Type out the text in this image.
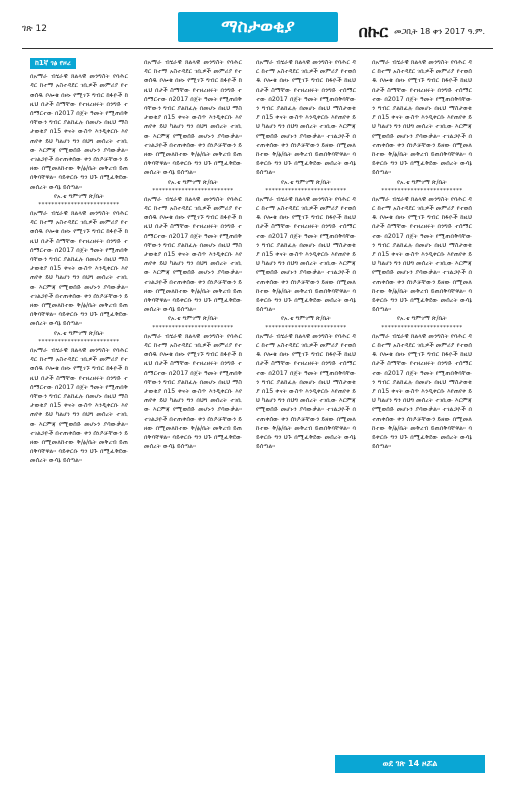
ገጽ 12	ማስታወቂያ	በኩር መጋቢት 18 ቀን 2017 ዓ.ም.
ከ1ኛ ገፅ የዞረ

በአማራ ብሄራዊ ክልላዊ መንግስት የባሕር ዳር ከተማ አስተዳደር ገቢዎች መምሪያ የተወሰዱ ቦሎቄ በዞኑ የሚገኙ ግብር ከፋዮች ከዚህ በታች ስማቸው የተዘረዘሩት በንግድ ተሰማርተው በ2017 በጀት ዓመት የሚጠበቅባቸውን ግብር ያልከፈሉ በመሆኑ በዚህ ማስታወቂያ በ15 ቀናት ውስጥ እንዲቀርቡ እየጠየቀ ይህ ካልሆነ ግን በህግ መሰረት ተገቢው እርምጃ የሚወሰድ መሆኑን ያሳውቃል። ተገልጋዮች በተጠቀሰው ቀን ሰነዶቻቸውን ይዘው በሚመለከተው ቅ/ፅ/ቤት መቅረብ ይጠበቅባቸዋል። ባይቀርቡ ግን ህጉ በሚፈቅደው መሰረት ውሳኔ ይሰጣል።

የአ.ቴ ግምገማ ጽ/ቤት
*************************

በአማራ ብሄራዊ ክልላዊ መንግስት የባሕር ዳር ከተማ አስተዳደር ገቢዎች መምሪያ የተወሰዱ ቦሎቄ በዞኑ የሚገኙ ግብር ከፋዮች ከዚህ በታች ስማቸው የተዘረዘሩት በንግድ ተሰማርተው በ2017 በጀት ዓመት የሚጠበቅባቸውን ግብር ያልከፈሉ በመሆኑ በዚህ ማስታወቂያ በ15 ቀናት ውስጥ እንዲቀርቡ እየጠየቀ ይህ ካልሆነ ግን በህግ መሰረት ተገቢው እርምጃ የሚወሰድ መሆኑን ያሳውቃል። ተገልጋዮች በተጠቀሰው ቀን ሰነዶቻቸውን ይዘው በሚመለከተው ቅ/ፅ/ቤት መቅረብ ይጠበቅባቸዋል። ባይቀርቡ ግን ህጉ በሚፈቅደው መሰረት ውሳኔ ይሰጣል።

የአ.ቴ ግምገማ ጽ/ቤት
*************************

በአማራ ብሄራዊ ክልላዊ መንግስት የባሕር ዳር ከተማ አስተዳደር ገቢዎች መምሪያ የተወሰዱ ቦሎቄ በዞኑ የሚገኙ ግብር ከፋዮች ከዚህ በታች ስማቸው የተዘረዘሩት በንግድ ተሰማርተው በ2017 በጀት ዓመት የሚጠበቅባቸውን ግብር ያልከፈሉ በመሆኑ በዚህ ማስታወቂያ በ15 ቀናት ውስጥ እንዲቀርቡ እየጠየቀ ይህ ካልሆነ ግን በህግ መሰረት ተገቢው እርምጃ የሚወሰድ መሆኑን ያሳውቃል። ተገልጋዮች በተጠቀሰው ቀን ሰነዶቻቸውን ይዘው በሚመለከተው ቅ/ፅ/ቤት መቅረብ ይጠበቅባቸዋል። ባይቀርቡ ግን ህጉ በሚፈቅደው መሰረት ውሳኔ ይሰጣል።

በአማራ ብሄራዊ ክልላዊ መንግስት የባሕር ዳር ከተማ አስተዳደር ገቢዎች መምሪያ የተወሰዱ ቦሎቄ በዞኑ የሚገኙ ግብር ከፋዮች ከዚህ በታች ስማቸው የተዘረዘሩት በንግድ ተሰማርተው በ2017 በጀት ዓመት የሚጠበቅባቸውን ግብር ያልከፈሉ በመሆኑ በዚህ ማስታወቂያ በ15 ቀናት ውስጥ እንዲቀርቡ እየጠየቀ ይህ ካልሆነ ግን በህግ መሰረት ተገቢው እርምጃ የሚወሰድ መሆኑን ያሳውቃል። ተገልጋዮች በተጠቀሰው ቀን ሰነዶቻቸውን ይዘው በሚመለከተው ቅ/ፅ/ቤት መቅረብ ይጠበቅባቸዋል። ባይቀርቡ ግን ህጉ በሚፈቅደው መሰረት ውሳኔ ይሰጣል።

የአ.ቴ ግምገማ ጽ/ቤት
*************************

በአማራ ብሄራዊ ክልላዊ መንግስት የባሕር ዳር ከተማ አስተዳደር ገቢዎች መምሪያ የተወሰዱ ቦሎቄ በዞኑ የሚገኙ ግብር ከፋዮች ከዚህ በታች ስማቸው የተዘረዘሩት በንግድ ተሰማርተው በ2017 በጀት ዓመት የሚጠበቅባቸውን ግብር ያልከፈሉ በመሆኑ በዚህ ማስታወቂያ በ15 ቀናት ውስጥ እንዲቀርቡ እየጠየቀ ይህ ካልሆነ ግን በህግ መሰረት ተገቢው እርምጃ የሚወሰድ መሆኑን ያሳውቃል። ተገልጋዮች በተጠቀሰው ቀን ሰነዶቻቸውን ይዘው በሚመለከተው ቅ/ፅ/ቤት መቅረብ ይጠበቅባቸዋል። ባይቀርቡ ግን ህጉ በሚፈቅደው መሰረት ውሳኔ ይሰጣል።

የአ.ቴ ግምገማ ጽ/ቤት
*************************

በአማራ ብሄራዊ ክልላዊ መንግስት የባሕር ዳር ከተማ አስተዳደር ገቢዎች መምሪያ የተወሰዱ ቦሎቄ በዞኑ የሚገኙ ግብር ከፋዮች ከዚህ በታች ስማቸው የተዘረዘሩት በንግድ ተሰማርተው በ2017 በጀት ዓመት የሚጠበቅባቸውን ግብር ያልከፈሉ በመሆኑ በዚህ ማስታወቂያ በ15 ቀናት ውስጥ እንዲቀርቡ እየጠየቀ ይህ ካልሆነ ግን በህግ መሰረት ተገቢው እርምጃ የሚወሰድ መሆኑን ያሳውቃል። ተገልጋዮች በተጠቀሰው ቀን ሰነዶቻቸውን ይዘው በሚመለከተው ቅ/ፅ/ቤት መቅረብ ይጠበቅባቸዋል። ባይቀርቡ ግን ህጉ በሚፈቅደው መሰረት ውሳኔ ይሰጣል።

በአማራ ብሄራዊ ክልላዊ መንግስት የባሕር ዳር ከተማ አስተዳደር ገቢዎች መምሪያ የተወሰዱ ቦሎቄ በዞኑ የሚገኙ ግብር ከፋዮች ከዚህ በታች ስማቸው የተዘረዘሩት በንግድ ተሰማርተው በ2017 በጀት ዓመት የሚጠበቅባቸውን ግብር ያልከፈሉ በመሆኑ በዚህ ማስታወቂያ በ15 ቀናት ውስጥ እንዲቀርቡ እየጠየቀ ይህ ካልሆነ ግን በህግ መሰረት ተገቢው እርምጃ የሚወሰድ መሆኑን ያሳውቃል። ተገልጋዮች በተጠቀሰው ቀን ሰነዶቻቸውን ይዘው በሚመለከተው ቅ/ፅ/ቤት መቅረብ ይጠበቅባቸዋል። ባይቀርቡ ግን ህጉ በሚፈቅደው መሰረት ውሳኔ ይሰጣል።

የአ.ቴ ግምገማ ጽ/ቤት
*************************

በአማራ ብሄራዊ ክልላዊ መንግስት የባሕር ዳር ከተማ አስተዳደር ገቢዎች መምሪያ የተወሰዱ ቦሎቄ በዞኑ የሚገኙ ግብር ከፋዮች ከዚህ በታች ስማቸው የተዘረዘሩት በንግድ ተሰማርተው በ2017 በጀት ዓመት የሚጠበቅባቸውን ግብር ያልከፈሉ በመሆኑ በዚህ ማስታወቂያ በ15 ቀናት ውስጥ እንዲቀርቡ እየጠየቀ ይህ ካልሆነ ግን በህግ መሰረት ተገቢው እርምጃ የሚወሰድ መሆኑን ያሳውቃል። ተገልጋዮች በተጠቀሰው ቀን ሰነዶቻቸውን ይዘው በሚመለከተው ቅ/ፅ/ቤት መቅረብ ይጠበቅባቸዋል። ባይቀርቡ ግን ህጉ በሚፈቅደው መሰረት ውሳኔ ይሰጣል።

የአ.ቴ ግምገማ ጽ/ቤት
*************************

በአማራ ብሄራዊ ክልላዊ መንግስት የባሕር ዳር ከተማ አስተዳደር ገቢዎች መምሪያ የተወሰዱ ቦሎቄ በዞኑ የሚገኙ ግብር ከፋዮች ከዚህ በታች ስማቸው የተዘረዘሩት በንግድ ተሰማርተው በ2017 በጀት ዓመት የሚጠበቅባቸውን ግብር ያልከፈሉ በመሆኑ በዚህ ማስታወቂያ በ15 ቀናት ውስጥ እንዲቀርቡ እየጠየቀ ይህ ካልሆነ ግን በህግ መሰረት ተገቢው እርምጃ የሚወሰድ መሆኑን ያሳውቃል። ተገልጋዮች በተጠቀሰው ቀን ሰነዶቻቸውን ይዘው በሚመለከተው ቅ/ፅ/ቤት መቅረብ ይጠበቅባቸዋል። ባይቀርቡ ግን ህጉ በሚፈቅደው መሰረት ውሳኔ ይሰጣል።

በአማራ ብሄራዊ ክልላዊ መንግስት የባሕር ዳር ከተማ አስተዳደር ገቢዎች መምሪያ የተወሰዱ ቦሎቄ በዞኑ የሚገኙ ግብር ከፋዮች ከዚህ በታች ስማቸው የተዘረዘሩት በንግድ ተሰማርተው በ2017 በጀት ዓመት የሚጠበቅባቸውን ግብር ያልከፈሉ በመሆኑ በዚህ ማስታወቂያ በ15 ቀናት ውስጥ እንዲቀርቡ እየጠየቀ ይህ ካልሆነ ግን በህግ መሰረት ተገቢው እርምጃ የሚወሰድ መሆኑን ያሳውቃል። ተገልጋዮች በተጠቀሰው ቀን ሰነዶቻቸውን ይዘው በሚመለከተው ቅ/ፅ/ቤት መቅረብ ይጠበቅባቸዋል። ባይቀርቡ ግን ህጉ በሚፈቅደው መሰረት ውሳኔ ይሰጣል።

የአ.ቴ ግምገማ ጽ/ቤት
*************************

በአማራ ብሄራዊ ክልላዊ መንግስት የባሕር ዳር ከተማ አስተዳደር ገቢዎች መምሪያ የተወሰዱ ቦሎቄ በዞኑ የሚገኙ ግብር ከፋዮች ከዚህ በታች ስማቸው የተዘረዘሩት በንግድ ተሰማርተው በ2017 በጀት ዓመት የሚጠበቅባቸውን ግብር ያልከፈሉ በመሆኑ በዚህ ማስታወቂያ በ15 ቀናት ውስጥ እንዲቀርቡ እየጠየቀ ይህ ካልሆነ ግን በህግ መሰረት ተገቢው እርምጃ የሚወሰድ መሆኑን ያሳውቃል። ተገልጋዮች በተጠቀሰው ቀን ሰነዶቻቸውን ይዘው በሚመለከተው ቅ/ፅ/ቤት መቅረብ ይጠበቅባቸዋል። ባይቀርቡ ግን ህጉ በሚፈቅደው መሰረት ውሳኔ ይሰጣል።

የአ.ቴ ግምገማ ጽ/ቤት
*************************

በአማራ ብሄራዊ ክልላዊ መንግስት የባሕር ዳር ከተማ አስተዳደር ገቢዎች መምሪያ የተወሰዱ ቦሎቄ በዞኑ የሚገኙ ግብር ከፋዮች ከዚህ በታች ስማቸው የተዘረዘሩት በንግድ ተሰማርተው በ2017 በጀት ዓመት የሚጠበቅባቸውን ግብር ያልከፈሉ በመሆኑ በዚህ ማስታወቂያ በ15 ቀናት ውስጥ እንዲቀርቡ እየጠየቀ ይህ ካልሆነ ግን በህግ መሰረት ተገቢው እርምጃ የሚወሰድ መሆኑን ያሳውቃል። ተገልጋዮች በተጠቀሰው ቀን ሰነዶቻቸውን ይዘው በሚመለከተው ቅ/ፅ/ቤት መቅረብ ይጠበቅባቸዋል። ባይቀርቡ ግን ህጉ በሚፈቅደው መሰረት ውሳኔ ይሰጣል።

ወደ ገጽ 14 ዞሯል
